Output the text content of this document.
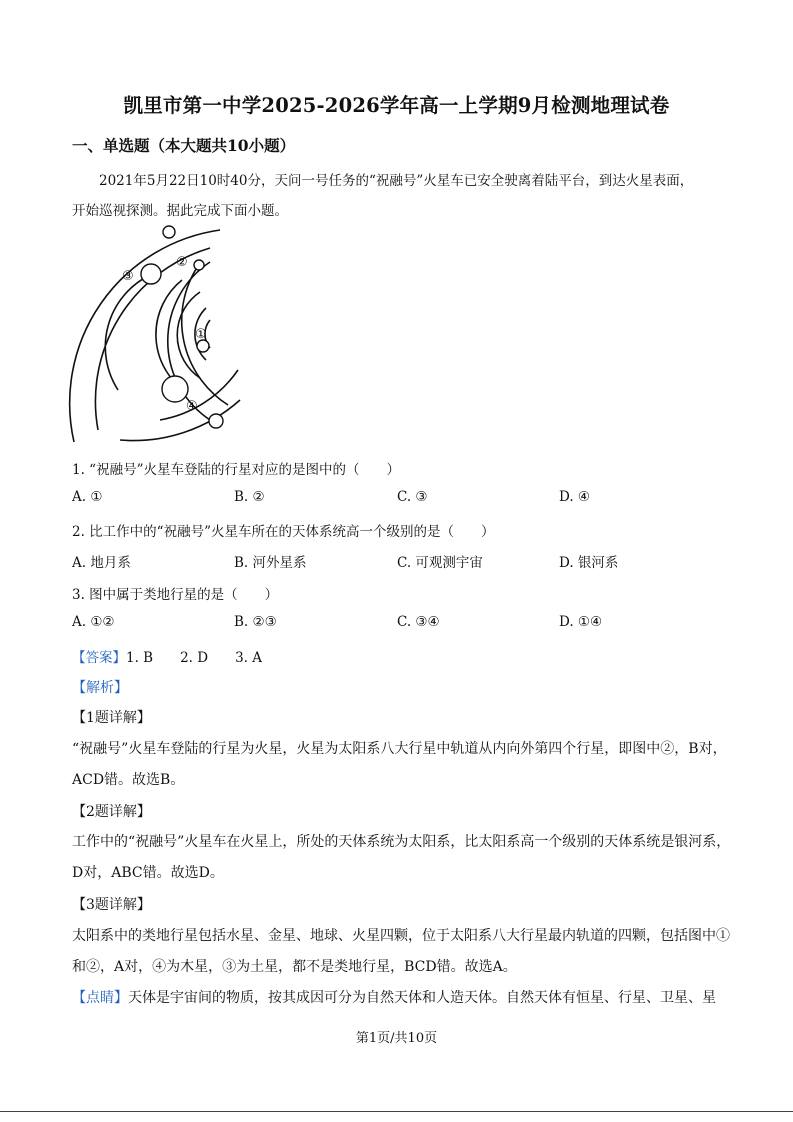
凯里市第一中学2025-2026学年高一上学期9月检测地理试卷
一、单选题（本大题共10小题）
2021年5月22日10时40分，天问一号任务的“祝融号”火星车已安全驶离着陆平台，到达火星表面，
开始巡视探测。据此完成下面小题。
③
②
①
④
1. “祝融号”火星车登陆的行星对应的是图中的（　　）
A. ①	B. ②	C. ③	D. ④
2. 比工作中的“祝融号”火星车所在的天体系统高一个级别的是（　　）
A. 地月系	B. 河外星系	C. 可观测宇宙	D. 银河系
3. 图中属于类地行星的是（　　）
A. ①②	B. ②③	C. ③④	D. ①④
【答案】1. B　　2. D　　3. A
【解析】
【1题详解】
“祝融号”火星车登陆的行星为火星，火星为太阳系八大行星中轨道从内向外第四个行星，即图中②，B对，
ACD错。故选B。
【2题详解】
工作中的“祝融号”火星车在火星上，所处的天体系统为太阳系，比太阳系高一个级别的天体系统是银河系，
D对，ABC错。故选D。
【3题详解】
太阳系中的类地行星包括水星、金星、地球、火星四颗，位于太阳系八大行星最内轨道的四颗，包括图中①
和②，A对，④为木星，③为土星，都不是类地行星，BCD错。故选A。
【点睛】天体是宇宙间的物质，按其成因可分为自然天体和人造天体。自然天体有恒星、行星、卫星、星
第1页/共10页
